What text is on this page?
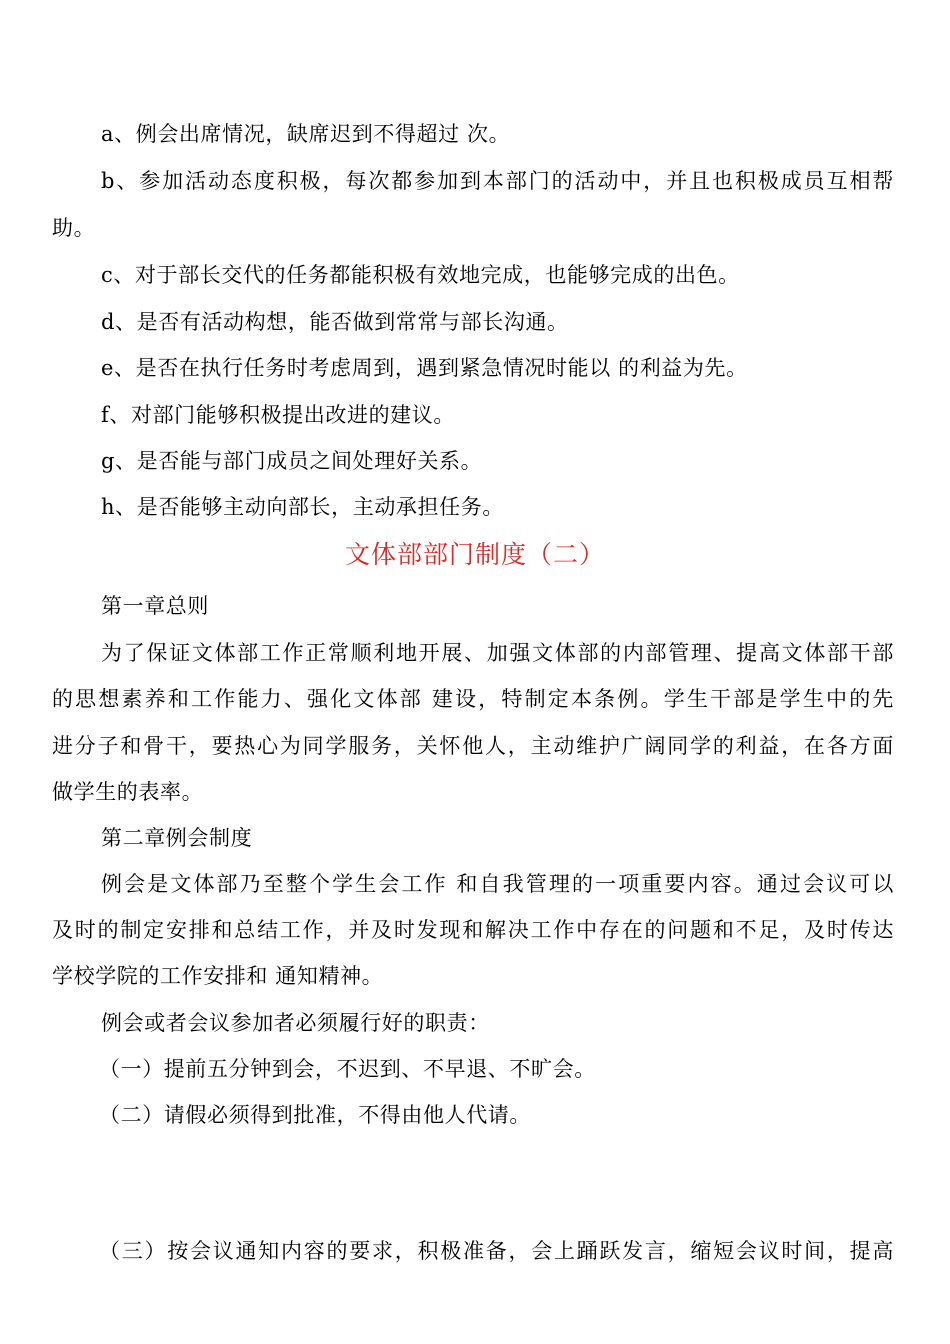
a、例会出席情况，缺席迟到不得超过 次。
b、参加活动态度积极，每次都参加到本部门的活动中，并且也积极成员互相帮
助。
c、对于部长交代的任务都能积极有效地完成，也能够完成的出色。
d、是否有活动构想，能否做到常常与部长沟通。
e、是否在执行任务时考虑周到，遇到紧急情况时能以 的利益为先。
f、对部门能够积极提出改进的建议。
g、是否能与部门成员之间处理好关系。
h、是否能够主动向部长，主动承担任务。
文体部部门制度（二）
第一章总则
为了保证文体部工作正常顺利地开展、加强文体部的内部管理、提高文体部干部
的思想素养和工作能力、强化文体部 建设，特制定本条例。学生干部是学生中的先
进分子和骨干，要热心为同学服务，关怀他人，主动维护广阔同学的利益，在各方面
做学生的表率。
第二章例会制度
例会是文体部乃至整个学生会工作 和自我管理的一项重要内容。通过会议可以
及时的制定安排和总结工作，并及时发现和解决工作中存在的问题和不足，及时传达
学校学院的工作安排和 通知精神。
例会或者会议参加者必须履行好的职责：
（一）提前五分钟到会，不迟到、不早退、不旷会。
（二）请假必须得到批准，不得由他人代请。
（三）按会议通知内容的要求，积极准备，会上踊跃发言，缩短会议时间，提高
